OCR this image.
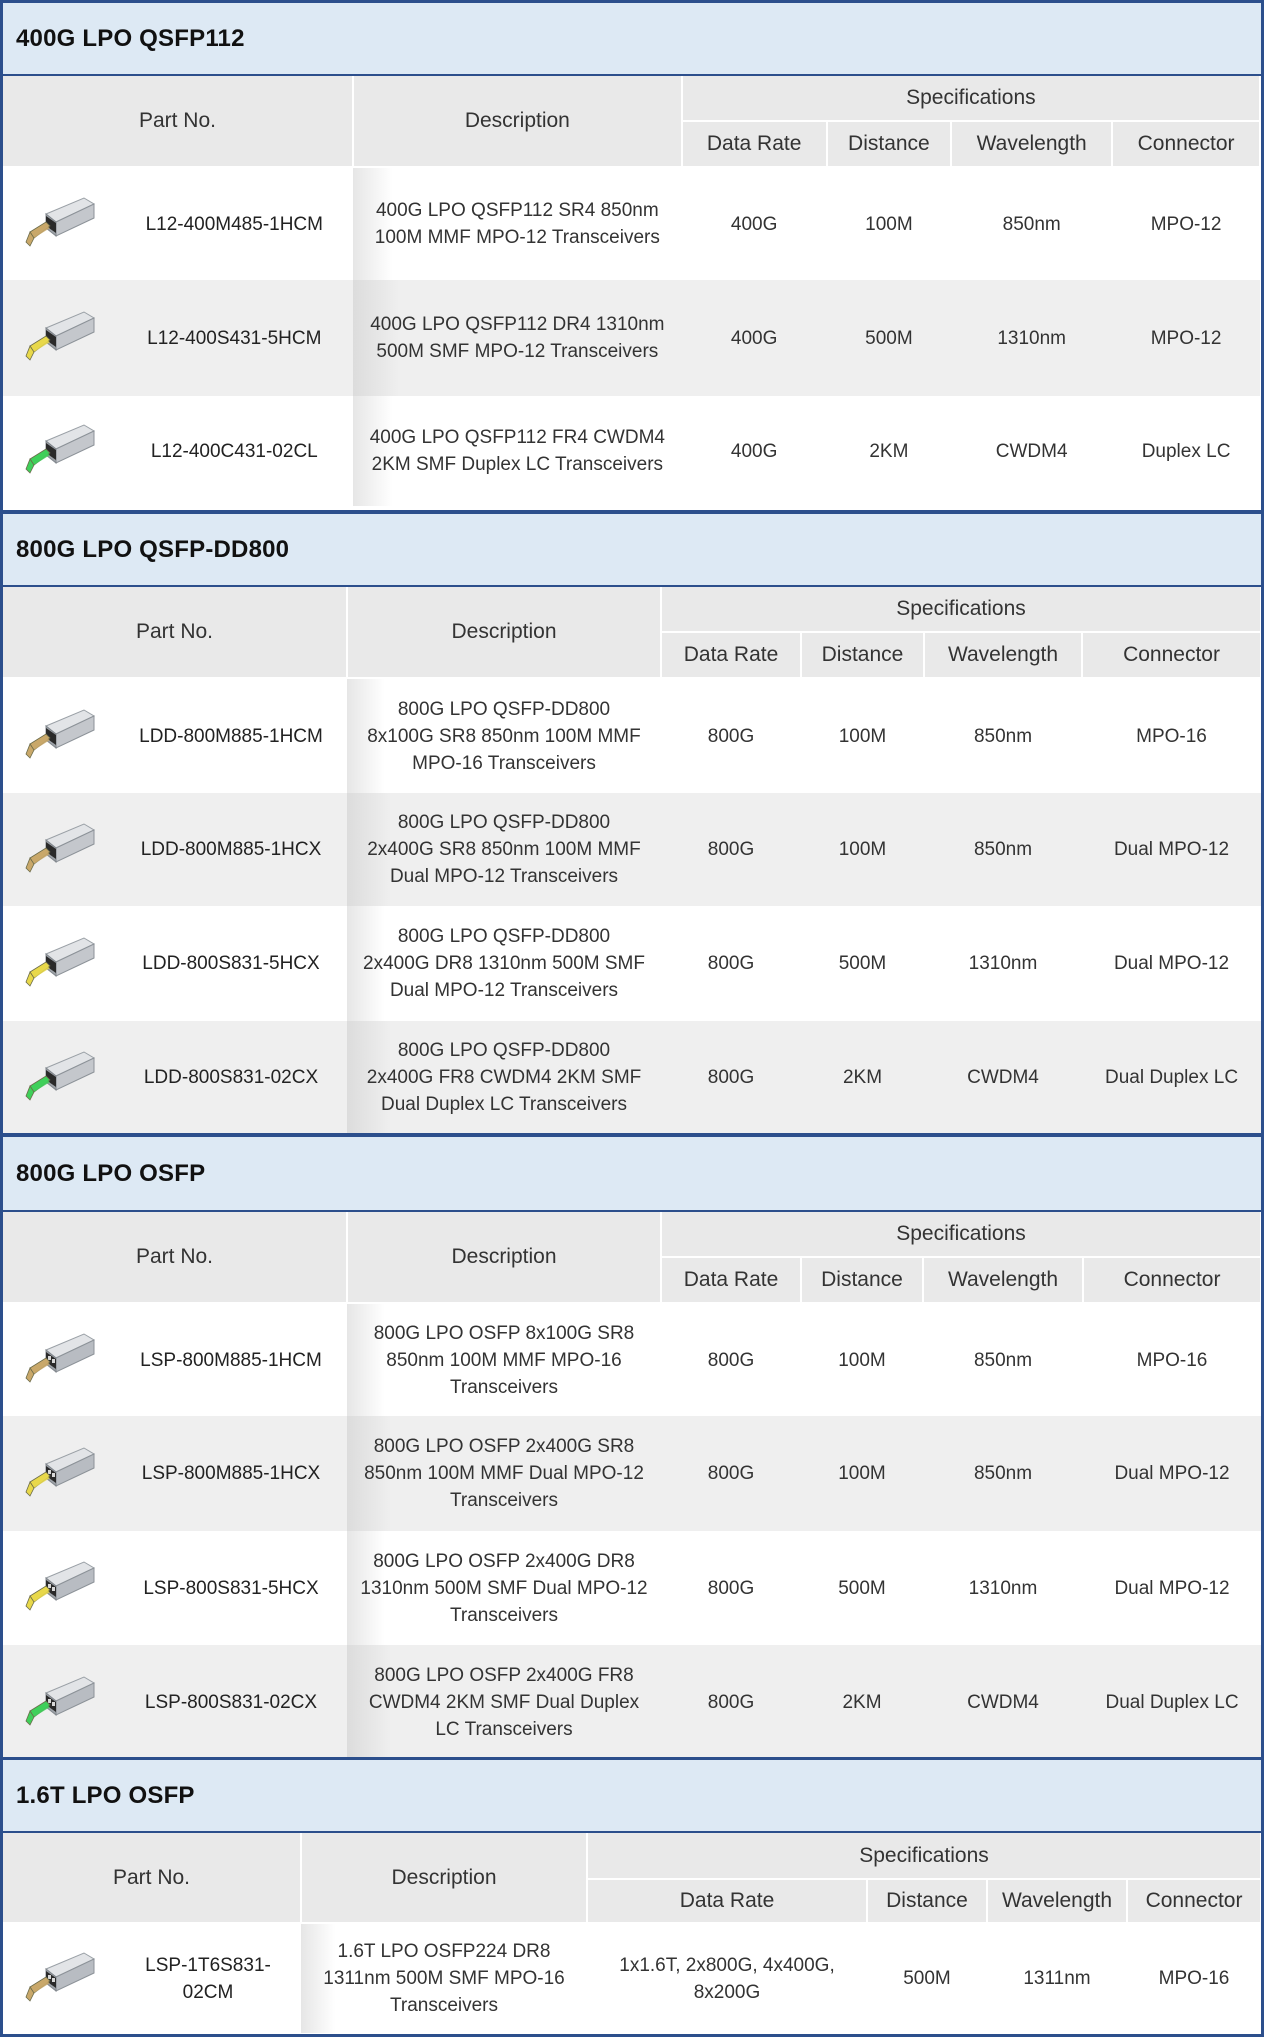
400G LPO QSFP112
Part No.		Description	Specifications			
			Data Rate	Distance	Wavelength	Connector

	L12-400M485-1HCM	400G LPO QSFP112 SR4 850nm
100M MMF MPO-12 Transceivers	400G	100M	850nm	MPO-12

	L12-400S431-5HCM	400G LPO QSFP112 DR4 1310nm
500M SMF MPO-12 Transceivers	400G	500M	1310nm	MPO-12

	L12-400C431-02CL	400G LPO QSFP112 FR4 CWDM4
2KM SMF Duplex LC Transceivers	400G	2KM	CWDM4	Duplex LC
800G LPO QSFP-DD800
Part No.		Description	Specifications			
			Data Rate	Distance	Wavelength	Connector

	LDD-800M885-1HCM	800G LPO QSFP-DD800
8x100G SR8 850nm 100M MMF
MPO-16 Transceivers	800G	100M	850nm	MPO-16

	LDD-800M885-1HCX	800G LPO QSFP-DD800
2x400G SR8 850nm 100M MMF
Dual MPO-12 Transceivers	800G	100M	850nm	Dual MPO-12

	LDD-800S831-5HCX	800G LPO QSFP-DD800
2x400G DR8 1310nm 500M SMF
Dual MPO-12 Transceivers	800G	500M	1310nm	Dual MPO-12

	LDD-800S831-02CX	800G LPO QSFP-DD800
2x400G FR8 CWDM4 2KM SMF
Dual Duplex LC Transceivers	800G	2KM	CWDM4	Dual Duplex LC
800G LPO OSFP
Part No.		Description	Specifications			
			Data Rate	Distance	Wavelength	Connector

	LSP-800M885-1HCM	800G LPO OSFP 8x100G SR8
850nm 100M MMF MPO-16
Transceivers	800G	100M	850nm	MPO-16

	LSP-800M885-1HCX	800G LPO OSFP 2x400G SR8
850nm 100M MMF Dual MPO-12
Transceivers	800G	100M	850nm	Dual MPO-12

	LSP-800S831-5HCX	800G LPO OSFP 2x400G DR8
1310nm 500M SMF Dual MPO-12
Transceivers	800G	500M	1310nm	Dual MPO-12

	LSP-800S831-02CX	800G LPO OSFP 2x400G FR8
CWDM4 2KM SMF Dual Duplex
LC Transceivers	800G	2KM	CWDM4	Dual Duplex LC
1.6T LPO OSFP
Part No.		Description	Specifications			
			Data Rate	Distance	Wavelength	Connector

	LSP-1T6S831-02CM	1.6T LPO OSFP224 DR8
1311nm 500M SMF MPO-16
Transceivers	1x1.6T, 2x800G, 4x400G, 8x200G	500M	1311nm	MPO-16
